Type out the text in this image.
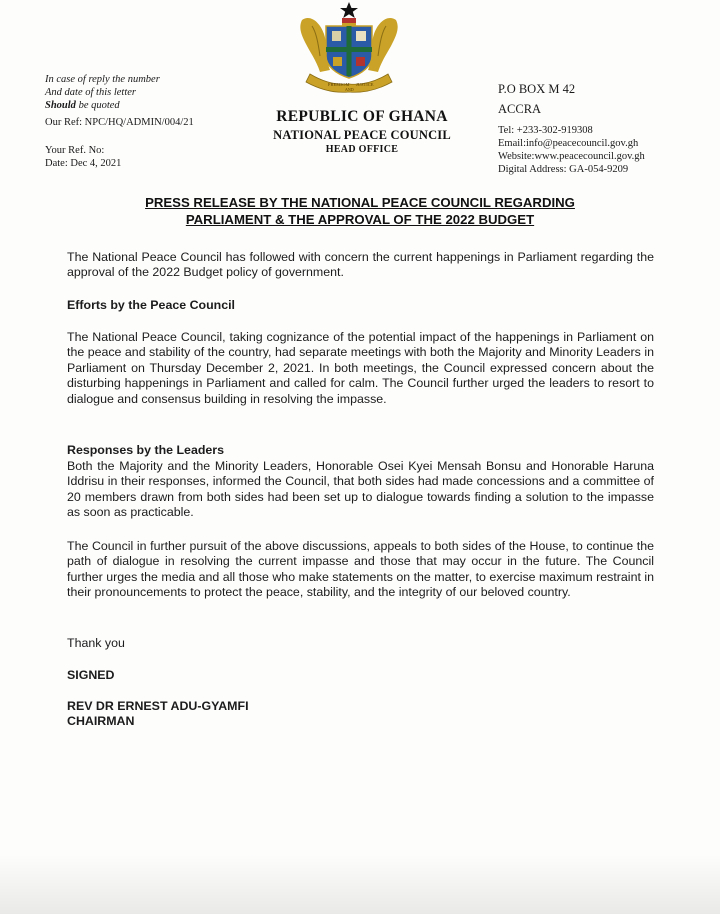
FREEDOM
AND
JUSTICE
In case of reply the number
And date of this letter
Should be quoted
Our Ref: NPC/HQ/ADMIN/004/21
Your Ref. No:
Date: Dec 4, 2021
REPUBLIC OF GHANA
NATIONAL PEACE COUNCIL
HEAD OFFICE
P.O BOX M 42
ACCRA
Tel: +233-302-919308
Email:info@peacecouncil.gov.gh
Website:www.peacecouncil.gov.gh
Digital Address: GA-054-9209
PRESS RELEASE BY THE NATIONAL PEACE COUNCIL REGARDING
PARLIAMENT & THE APPROVAL OF THE 2022 BUDGET
The National Peace Council has followed with concern the current happenings in Parliament regarding the approval of the 2022 Budget policy of government.
Efforts by the Peace Council
The National Peace Council, taking cognizance of the potential impact of the happenings in Parliament on the peace and stability of the country, had separate meetings with both the Majority and Minority Leaders in Parliament on Thursday December 2, 2021. In both meetings, the Council expressed concern about the disturbing happenings in Parliament and called for calm. The Council further urged the leaders to resort to dialogue and consensus building in resolving the impasse.
Responses by the Leaders
Both the Majority and the Minority Leaders, Honorable Osei Kyei Mensah Bonsu and Honorable Haruna Iddrisu in their responses, informed the Council, that both sides had made concessions and a committee of 20 members drawn from both sides had been set up to dialogue towards finding a solution to the impasse as soon as practicable.
The Council in further pursuit of the above discussions, appeals to both sides of the House, to continue the path of dialogue in resolving the current impasse and those that may occur in the future. The Council further urges the media and all those who make statements on the matter, to exercise maximum restraint in their pronouncements to protect the peace, stability, and the integrity of our beloved country.
Thank you
SIGNED
REV DR ERNEST ADU-GYAMFI
CHAIRMAN
